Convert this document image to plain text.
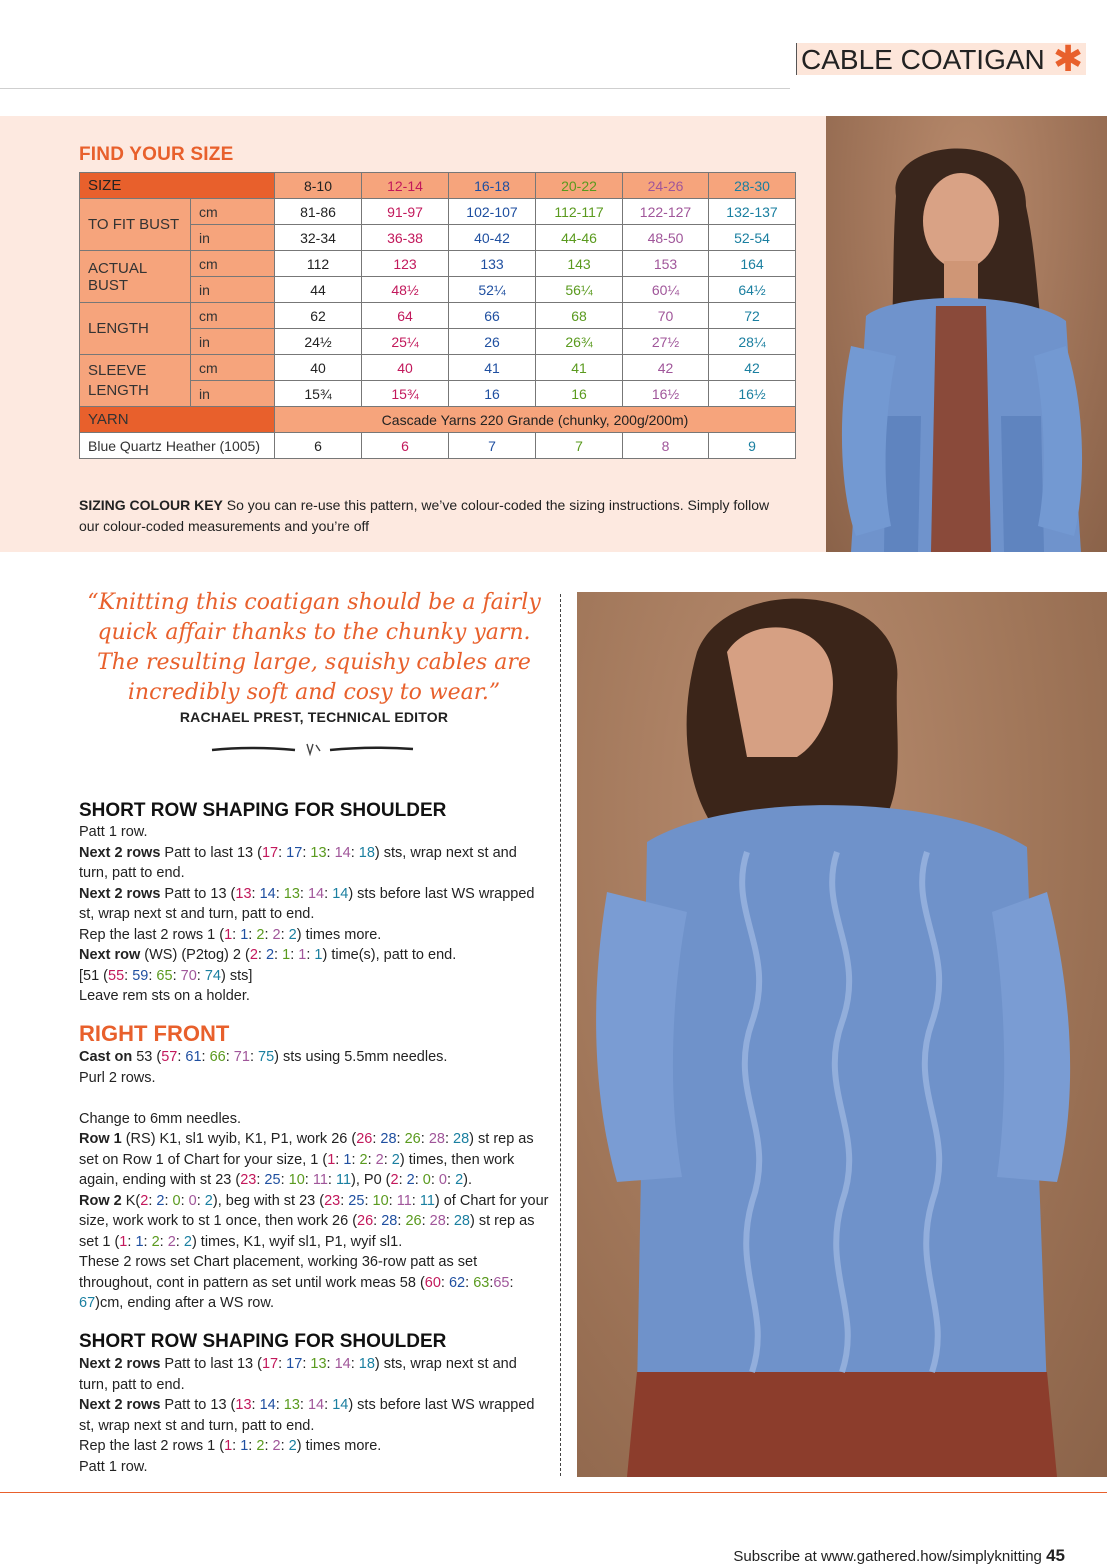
CABLE COATIGAN ✱
FIND YOUR SIZE
SIZE		8-10	12-14	16-18	20-22	24-26	28-30
TO FIT BUST	cm	81-86	91-97	102-107	112-117	122-127	132-137
	in	32-34	36-38	40-42	44-46	48-50	52-54
ACTUAL BUST	cm	112	123	133	143	153	164
	in	44	48½	52¼	56¼	60¼	64½
LENGTH	cm	62	64	66	68	70	72
	in	24½	25¼	26	26¾	27½	28¼
SLEEVE LENGTH	cm	40	40	41	41	42	42
	in	15¾	15¾	16	16	16½	16½
YARN		Cascade Yarns 220 Grande (chunky, 200g/200m)					
Blue Quartz Heather (1005)		6	6	7	7	8	9
SIZING COLOUR KEY So you can re-use this pattern, we’ve colour-coded the sizing instructions. Simply follow our colour-coded measurements and you’re off
“Knitting this coatigan should be a fairly quick affair thanks to the chunky yarn. The resulting large, squishy cables are incredibly soft and cosy to wear.”
RACHAEL PREST, TECHNICAL EDITOR
SHORT ROW SHAPING FOR SHOULDER

Patt 1 row.

Next 2 rows Patt to last 13 (17: 17: 13: 14: 18) sts, wrap next st and turn, patt to end.

Next 2 rows Patt to 13 (13: 14: 13: 14: 14) sts before last WS wrapped st, wrap next st and turn, patt to end.

Rep the last 2 rows 1 (1: 1: 2: 2: 2) times more.

Next row (WS) (P2tog) 2 (2: 2: 1: 1: 1) time(s), patt to end.

[51 (55: 59: 65: 70: 74) sts]

Leave rem sts on a holder.

RIGHT FRONT

Cast on 53 (57: 61: 66: 71: 75) sts using 5.5mm needles.

Purl 2 rows.

Change to 6mm needles.

Row 1 (RS) K1, sl1 wyib, K1, P1, work 26 (26: 28: 26: 28: 28) st rep as set on Row 1 of Chart for your size, 1 (1: 1: 2: 2: 2) times, then work again, ending with st 23 (23: 25: 10: 11: 11), P0 (2: 2: 0: 0: 2).

Row 2 K(2: 2: 0: 0: 2), beg with st 23 (23: 25: 10: 11: 11) of Chart for your size, work work to st 1 once, then work 26 (26: 28: 26: 28: 28) st rep as set 1 (1: 1: 2: 2: 2) times, K1, wyif sl1, P1, wyif sl1.

These 2 rows set Chart placement, working 36-row patt as set throughout, cont in pattern as set until work meas 58 (60: 62: 63:65: 67)cm, ending after a WS row.

SHORT ROW SHAPING FOR SHOULDER

Next 2 rows Patt to last 13 (17: 17: 13: 14: 18) sts, wrap next st and turn, patt to end.

Next 2 rows Patt to 13 (13: 14: 13: 14: 14) sts before last WS wrapped st, wrap next st and turn, patt to end.

Rep the last 2 rows 1 (1: 1: 2: 2: 2) times more.

Patt 1 row.

Subscribe at www.gathered.how/simplyknitting 45
